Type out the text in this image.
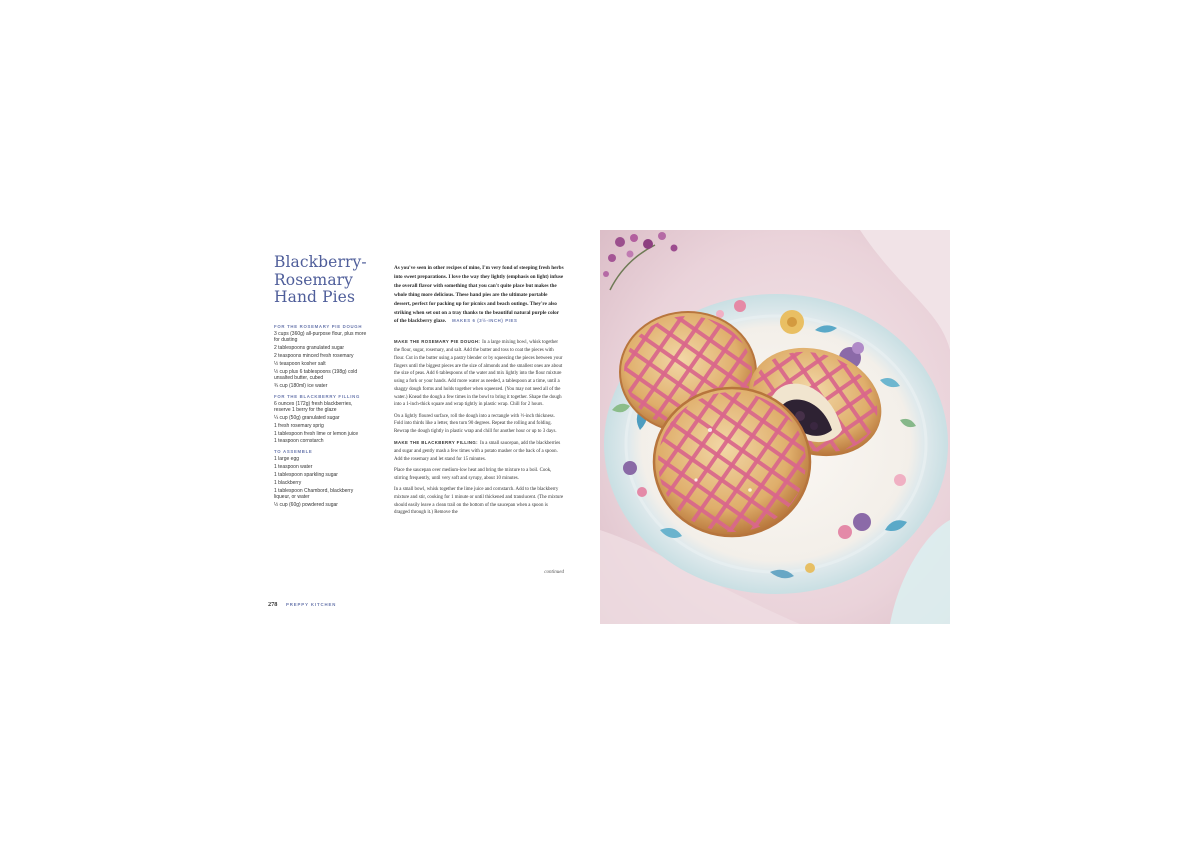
Blackberry-
Rosemary
Hand Pies
FOR THE ROSEMARY PIE DOUGH
3 cups (360g) all-purpose flour, plus more for dusting
2 tablespoons granulated sugar
2 teaspoons minced fresh rosemary
½ teaspoon kosher salt
½ cup plus 6 tablespoons (198g) cold unsalted butter, cubed
¾ cup (180ml) ice water
FOR THE BLACKBERRY FILLING
6 ounces (172g) fresh blackberries, reserve 1 berry for the glaze
¼ cup (50g) granulated sugar
1 fresh rosemary sprig
1 tablespoon fresh lime or lemon juice
1 teaspoon cornstarch
TO ASSEMBLE
1 large egg
1 teaspoon water
1 tablespoon sparkling sugar
1 blackberry
1 tablespoon Chambord, blackberry liqueur, or water
½ cup (60g) powdered sugar

As you've seen in other recipes of mine, I'm very fond of steeping fresh herbs into sweet preparations. I love the way they lightly (emphasis on light) infuse the overall flavor with something that you can't quite place but makes the whole thing more delicious. These hand pies are the ultimate portable dessert, perfect for packing up for picnics and beach outings. They're also striking when set out on a tray thanks to the beautiful natural purple color of the blackberry glaze. MAKES 6 (3½-INCH) PIES

MAKE THE ROSEMARY PIE DOUGH: In a large mixing bowl, whisk together the flour, sugar, rosemary, and salt. Add the butter and toss to coat the pieces with flour. Cut in the butter using a pastry blender or by squeezing the pieces between your fingers until the biggest pieces are the size of almonds and the smallest ones are about the size of peas. Add 6 tablespoons of the water and mix lightly into the flour mixture using a fork or your hands. Add more water as needed, a tablespoon at a time, until a shaggy dough forms and holds together when squeezed. (You may not need all of the water.) Knead the dough a few times in the bowl to bring it together. Shape the dough into a 1-inch-thick square and wrap tightly in plastic wrap. Chill for 2 hours.

On a lightly floured surface, roll the dough into a rectangle with ½-inch thickness. Fold into thirds like a letter, then turn 90 degrees. Repeat the rolling and folding. Rewrap the dough tightly in plastic wrap and chill for another hour or up to 3 days.

MAKE THE BLACKBERRY FILLING: In a small saucepan, add the blackberries and sugar and gently mash a few times with a potato masher or the back of a spoon. Add the rosemary and let stand for 15 minutes.

Place the saucepan over medium-low heat and bring the mixture to a boil. Cook, stirring frequently, until very soft and syrupy, about 10 minutes.

In a small bowl, whisk together the lime juice and cornstarch. Add to the blackberry mixture and stir, cooking for 1 minute or until thickened and translucent. (The mixture should easily leave a clean trail on the bottom of the saucepan when a spoon is dragged through it.) Remove the

continued
278 PREPPY KITCHEN
